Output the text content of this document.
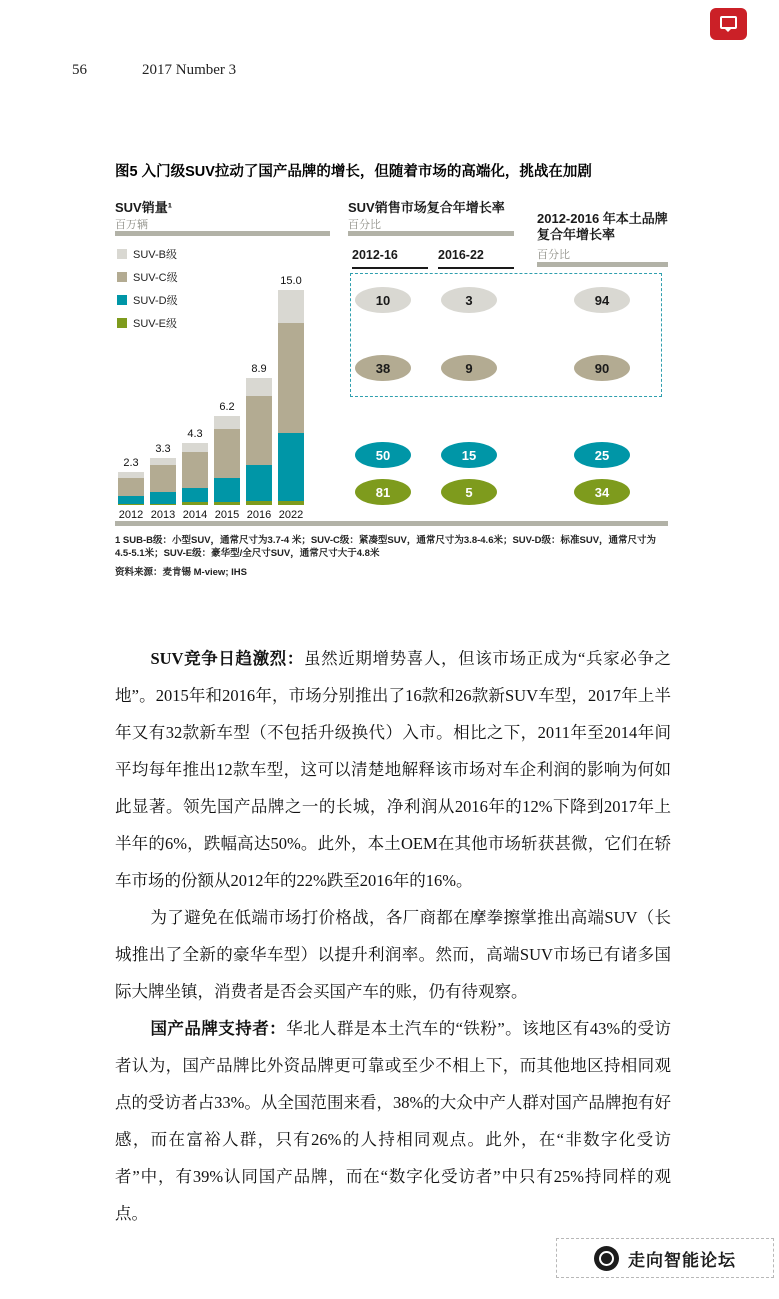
56	2017 Number 3
图5 入门级SUV拉动了国产品牌的增长，但随着市场的高端化，挑战在加剧
SUV销量¹
百万辆
SUV-B级
SUV-C级
SUV-D级
SUV-E级
2.3
2012
3.3
2013
4.3
2014
6.2
2015
8.9
2016
15.0
2022
SUV销售市场复合年增长率
百分比
2012-16	2016-22
2012-2016 年本土品牌复合年增长率
百分比
10	3	94
38	9	90
50	15	25
81	5	34
1 SUB-B级：小型SUV，通常尺寸为3.7-4 米；SUV-C级：紧凑型SUV，通常尺寸为3.8-4.6米；SUV-D级：标准SUV，通常尺寸为4.5-5.1米；SUV-E级：豪华型/全尺寸SUV，通常尺寸大于4.8米
资料来源：麦肯锡 M-view; IHS

SUV竞争日趋激烈：虽然近期增势喜人，但该市场正成为“兵家必争之地”。2015年和2016年，市场分别推出了16款和26款新SUV车型，2017年上半年又有32款新车型（不包括升级换代）入市。相比之下，2011年至2014年间平均每年推出12款车型，这可以清楚地解释该市场对车企利润的影响为何如此显著。领先国产品牌之一的长城，净利润从2016年的12%下降到2017年上半年的6%，跌幅高达50%。此外，本土OEM在其他市场斩获甚微，它们在轿车市场的份额从2012年的22%跌至2016年的16%。

为了避免在低端市场打价格战，各厂商都在摩拳擦掌推出高端SUV（长城推出了全新的豪华车型）以提升利润率。然而，高端SUV市场已有诸多国际大牌坐镇，消费者是否会买国产车的账，仍有待观察。

国产品牌支持者：华北人群是本土汽车的“铁粉”。该地区有43%的受访者认为，国产品牌比外资品牌更可靠或至少不相上下，而其他地区持相同观点的受访者占33%。从全国范围来看，38%的大众中产人群对国产品牌抱有好感，而在富裕人群，只有26%的人持相同观点。此外，在“非数字化受访者”中，有39%认同国产品牌，而在“数字化受访者”中只有25%持同样的观点。

走向智能论坛
